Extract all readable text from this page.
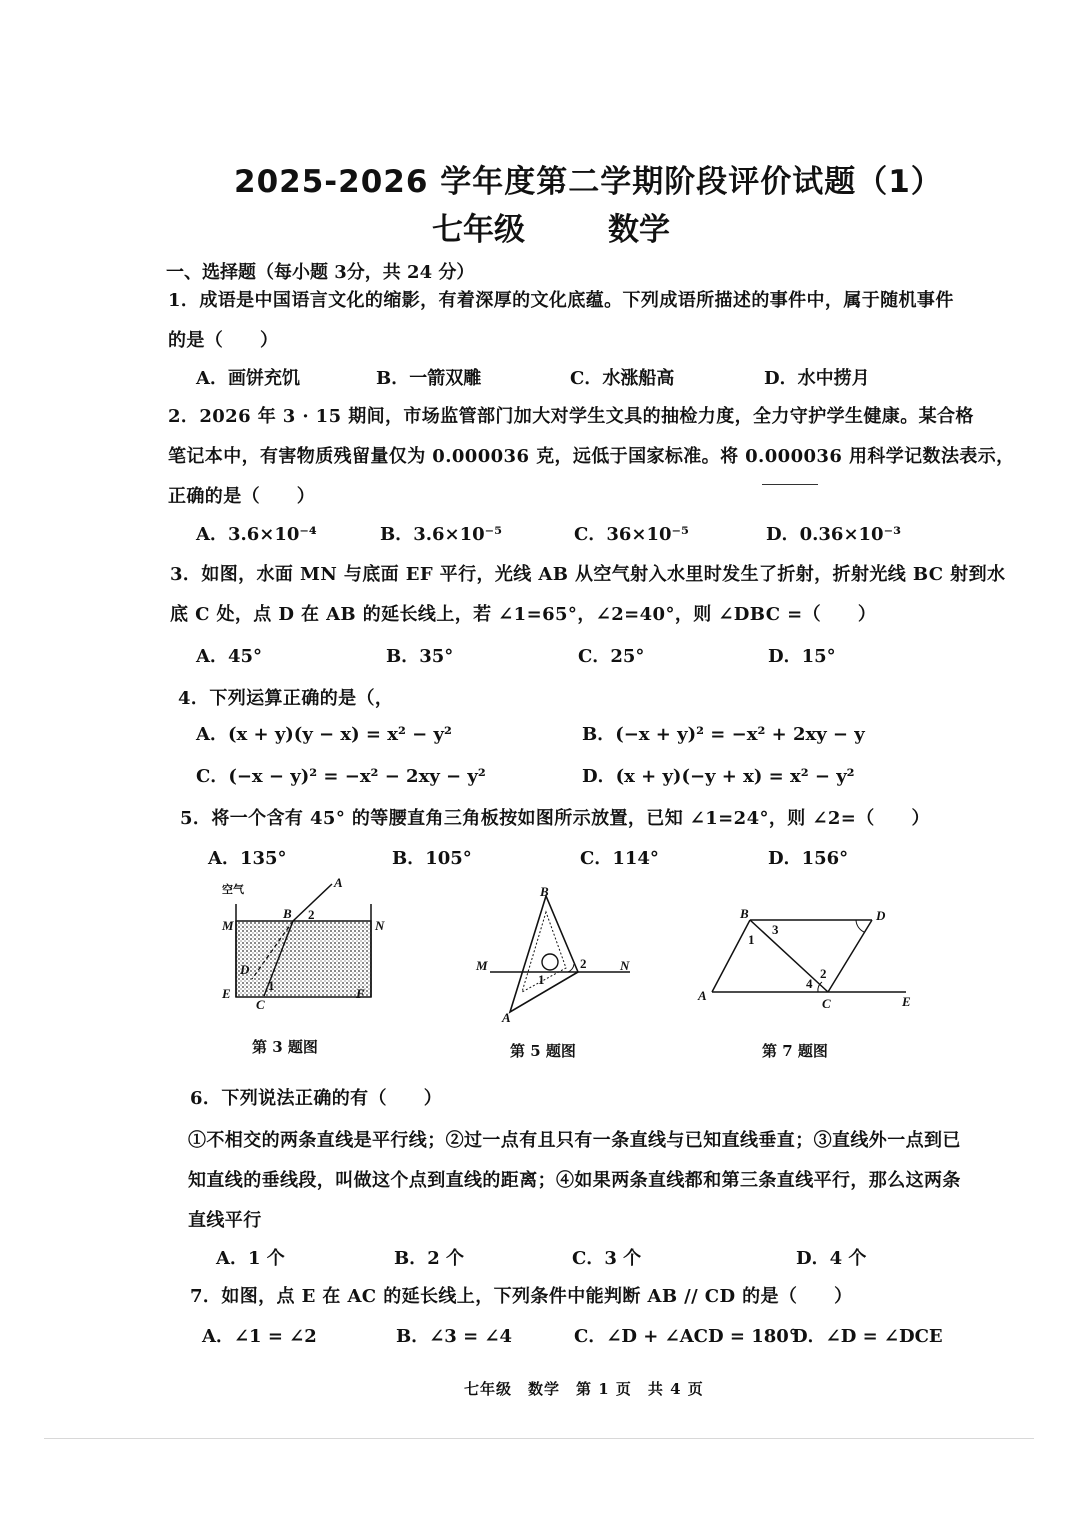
2025-2026 学年度第二学期阶段评价试题（1）
七年级	数学
一、选择题（每小题 3分，共 24 分）
1．成语是中国语言文化的缩影，有着深厚的文化底蕴。下列成语所描述的事件中，属于随机事件
的是（　　）
A．画饼充饥	B．一箭双雕	C．水涨船高	D．水中捞月
2．2026 年 3 · 15 期间，市场监管部门加大对学生文具的抽检力度，全力守护学生健康。某合格
笔记本中，有害物质残留量仅为 0.000036 克，远低于国家标准。将 0.000036 用科学记数法表示，
正确的是（　　）
A．3.6×10⁻⁴	B．3.6×10⁻⁵	C．36×10⁻⁵	D．0.36×10⁻³
3．如图，水面 MN 与底面 EF 平行，光线 AB 从空气射入水里时发生了折射，折射光线 BC 射到水
底 C 处，点 D 在 AB 的延长线上，若 ∠1=65°，∠2=40°，则 ∠DBC =（　　）
A．45°	B．35°	C．25°	D．15°
4．下列运算正确的是（，
A．(x + y)(y − x) = x² − y²	B．(−x + y)² = −x² + 2xy − y
C．(−x − y)² = −x² − 2xy − y²	D．(x + y)(−y + x) = x² − y²
5．将一个含有 45° 的等腰直角三角板按如图所示放置，已知 ∠1=24°，则 ∠2=（　　）
A．135°	B．105°	C．114°	D．156°
空气	A
B 2
M	N
D
1
E
C
F
第 3 题图
B
M	N
2
1
A
第 5 题图
B	D
1
3
2
4
A
C	E
第 7 题图
6．下列说法正确的有（　　）
①不相交的两条直线是平行线；②过一点有且只有一条直线与已知直线垂直；③直线外一点到已
知直线的垂线段，叫做这个点到直线的距离；④如果两条直线都和第三条直线平行，那么这两条
直线平行
A．1 个	B．2 个	C．3 个	D．4 个
7．如图，点 E 在 AC 的延长线上，下列条件中能判断 AB // CD 的是（　　）
A．∠1 = ∠2	B．∠3 = ∠4	C．∠D + ∠ACD = 180°
D．∠D = ∠DCE
七年级　数学　第 1 页　共 4 页
